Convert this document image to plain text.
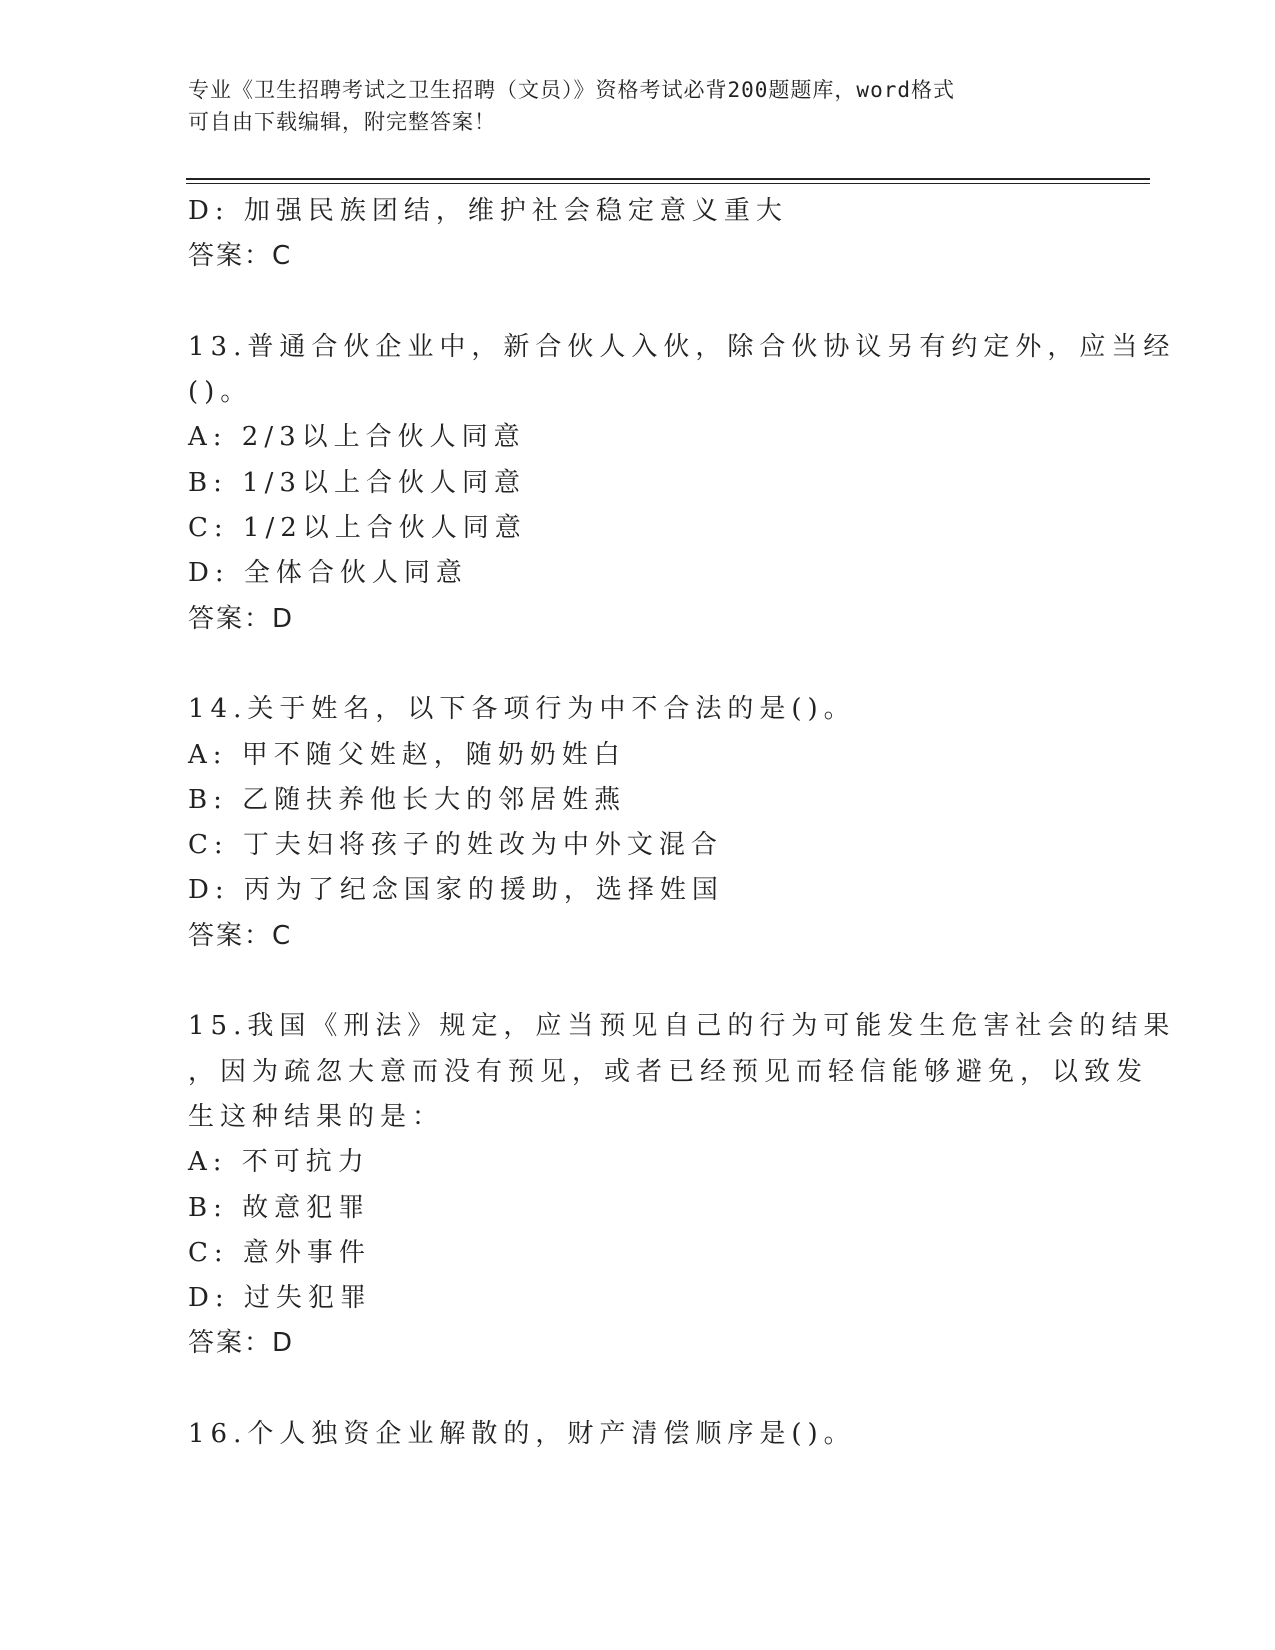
专业《卫生招聘考试之卫生招聘（文员）》资格考试必背200题题库，word格式
可自由下载编辑，附完整答案！
D: 加强民族团结，维护社会稳定意义重大
答案：C
13.普通合伙企业中，新合伙人入伙，除合伙协议另有约定外，应当经
()。
A: 2/3以上合伙人同意
B: 1/3以上合伙人同意
C: 1/2以上合伙人同意
D: 全体合伙人同意
答案：D
14.关于姓名，以下各项行为中不合法的是()。
A: 甲不随父姓赵，随奶奶姓白
B: 乙随扶养他长大的邻居姓燕
C: 丁夫妇将孩子的姓改为中外文混合
D: 丙为了纪念国家的援助，选择姓国
答案：C
15.我国《刑法》规定，应当预见自己的行为可能发生危害社会的结果
，因为疏忽大意而没有预见，或者已经预见而轻信能够避免，以致发
生这种结果的是：
A: 不可抗力
B: 故意犯罪
C: 意外事件
D: 过失犯罪
答案：D
16.个人独资企业解散的，财产清偿顺序是()。
